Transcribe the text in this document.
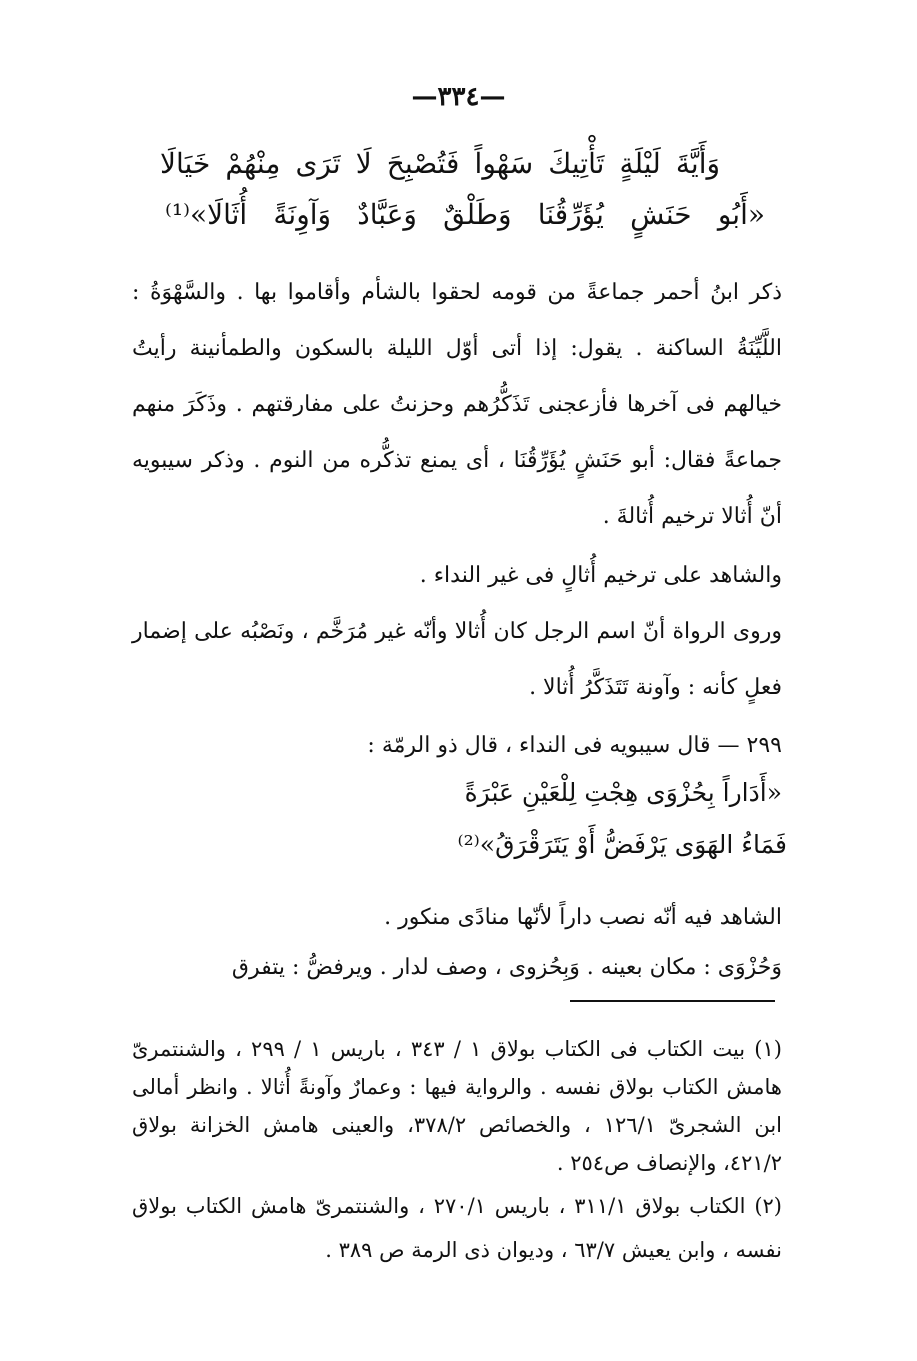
—٣٣٤—
وَأَيَّةَ لَيْلَةٍ تَأْتِيكَ سَهْواً فَتُصْبِحَ لَا تَرَى مِنْهُمْ خَيَالَا
«أَبُو حَنَشٍ يُؤَرِّقُنَا وَطَلْقٌ وَعَبَّادٌ وَآوِنَةً أُثَالَا»⁽¹⁾
ذكر ابنُ أحمر جماعةً من قومه لحقوا بالشأم وأقاموا بها . والسَّهْوَةُ : اللَّيِّنَةُ الساكنة . يقول: إذا أتى أوّل الليلة بالسكون والطمأنينة رأيتُ خيالهم فى آخرها فأزعجنى تَذَكُّرُهم وحزنتُ على مفارقتهم . وذَكَرَ منهم جماعةً فقال: أبو حَنَشٍ يُؤَرِّقُنَا ، أى يمنع تذكُّره من النوم . وذكر سيبويه أنّ أُثالا ترخيم أُثالةَ .
والشاهد على ترخيم أُثالٍ فى غير النداء .
وروى الرواة أنّ اسم الرجل كان أُثالا وأنّه غير مُرَخَّم ، ونَصْبُه على إضمار فعلٍ كأنه : وآونة تَتَذَكَّرُ أُثالا .
٢٩٩ — قال سيبويه فى النداء ، قال ذو الرمّة :
«أَدَاراً بِحُزْوَى هِجْتِ لِلْعَيْنِ عَبْرَةً
فَمَاءُ الهَوَى يَرْفَضُّ أَوْ يَتَرَقْرَقُ»⁽²⁾
الشاهد فيه أنّه نصب داراً لأنّها منادًى منكور .
وَحُزْوَى : مكان بعينه . وَبِحُزوى ، وصف لدار . ويرفضُّ : يتفرق
(١) بيت الكتاب فى الكتاب بولاق ١ / ٣٤٣ ، باريس ١ / ٢٩٩ ، والشنتمرىّ هامش الكتاب بولاق نفسه . والرواية فيها : وعمارٌ وآونةً أُثالا . وانظر أمالى ابن الشجرىّ ١٢٦/١ ، والخصائص ٣٧٨/٢، والعينى هامش الخزانة بولاق ٤٢١/٢، والإنصاف ص٢٥٤ .
(٢) الكتاب بولاق ٣١١/١ ، باريس ٢٧٠/١ ، والشنتمرىّ هامش الكتاب بولاق نفسه ، وابن يعيش ٦٣/٧ ، وديوان ذى الرمة ص ٣٨٩ .
